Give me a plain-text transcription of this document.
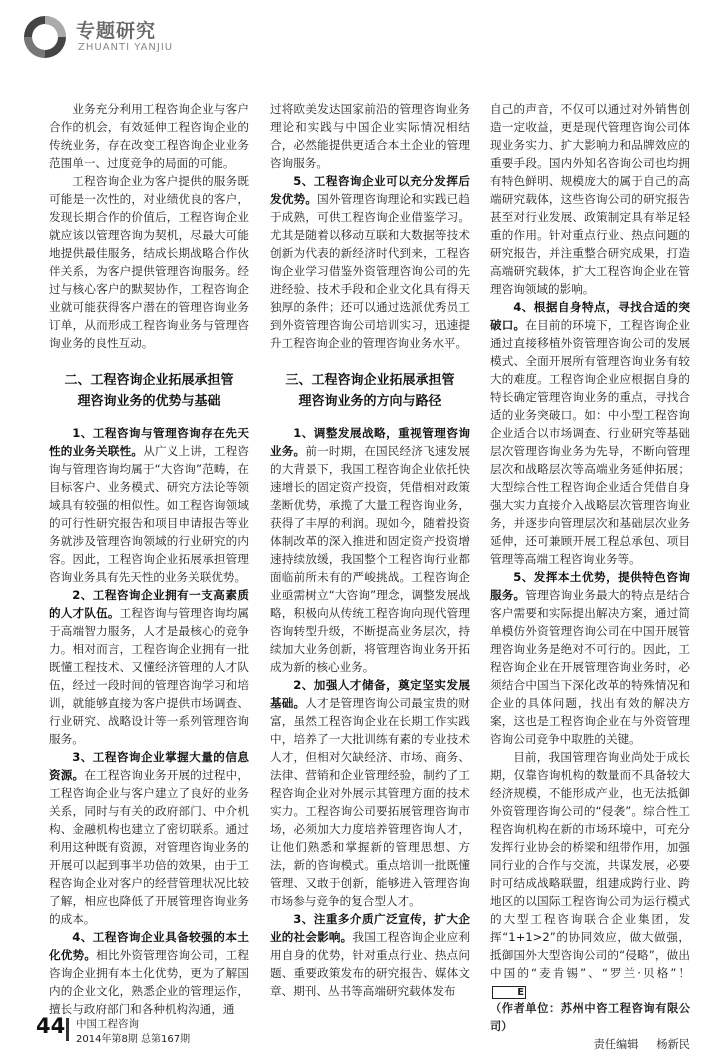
专题研究
ZHUANTI YANJIU

业务充分利用工程咨询企业与客户合作的机会，有效延伸工程咨询企业的传统业务，存在改变工程咨询企业业务范围单一、过度竞争的局面的可能。

工程咨询企业为客户提供的服务既可能是一次性的，对业绩优良的客户，发现长期合作的价值后，工程咨询企业就应该以管理咨询为契机，尽最大可能地提供最佳服务，结成长期战略合作伙伴关系，为客户提供管理咨询服务。经过与核心客户的默契协作，工程咨询企业就可能获得客户潜在的管理咨询业务订单，从而形成工程咨询业务与管理咨询业务的良性互动。

二、工程咨询企业拓展承担管
理咨询业务的优势与基础

1、工程咨询与管理咨询存在先天性的业务关联性。从广义上讲，工程咨询与管理咨询均属于“大咨询”范畴，在目标客户、业务模式、研究方法论等领域具有较强的相似性。如工程咨询领域的可行性研究报告和项目申请报告等业务就涉及管理咨询领域的行业研究的内容。因此，工程咨询企业拓展承担管理咨询业务具有先天性的业务关联优势。

2、工程咨询企业拥有一支高素质的人才队伍。工程咨询与管理咨询均属于高端智力服务，人才是最核心的竞争力。相对而言，工程咨询企业拥有一批既懂工程技术、又懂经济管理的人才队伍，经过一段时间的管理咨询学习和培训，就能够直接为客户提供市场调查、行业研究、战略设计等一系列管理咨询服务。

3、工程咨询企业掌握大量的信息资源。在工程咨询业务开展的过程中，工程咨询企业与客户建立了良好的业务关系，同时与有关的政府部门、中介机构、金融机构也建立了密切联系。通过利用这种既有资源，对管理咨询业务的开展可以起到事半功倍的效果，由于工程咨询企业对客户的经营管理状况比较了解，相应也降低了开展管理咨询业务的成本。

4、工程咨询企业具备较强的本土化优势。相比外资管理咨询公司，工程咨询企业拥有本土化优势，更为了解国内的企业文化，熟悉企业的管理运作，擅长与政府部门和各种机构沟通，通

过将欧美发达国家前沿的管理咨询业务理论和实践与中国企业实际情况相结合，必然能提供更适合本土企业的管理咨询服务。

5、工程咨询企业可以充分发挥后发优势。国外管理咨询理论和实践已趋于成熟，可供工程咨询企业借鉴学习。尤其是随着以移动互联和大数据等技术创新为代表的新经济时代到来，工程咨询企业学习借鉴外资管理咨询公司的先进经验、技术手段和企业文化具有得天独厚的条件；还可以通过选派优秀员工到外资管理咨询公司培训实习，迅速提升工程咨询企业的管理咨询业务水平。

三、工程咨询企业拓展承担管
理咨询业务的方向与路径

1、调整发展战略，重视管理咨询业务。前一时期，在国民经济飞速发展的大背景下，我国工程咨询企业依托快速增长的固定资产投资，凭借相对政策垄断优势，承揽了大量工程咨询业务，获得了丰厚的利润。现如今，随着投资体制改革的深入推进和固定资产投资增速持续放缓，我国整个工程咨询行业都面临前所未有的严峻挑战。工程咨询企业亟需树立“大咨询”理念，调整发展战略，积极向从传统工程咨询向现代管理咨询转型升级，不断提高业务层次，持续加大业务创新，将管理咨询业务开拓成为新的核心业务。

2、加强人才储备，奠定坚实发展基础。人才是管理咨询公司最宝贵的财富，虽然工程咨询企业在长期工作实践中，培养了一大批训练有素的专业技术人才，但相对欠缺经济、市场、商务、法律、营销和企业管理经验，制约了工程咨询企业对外展示其管理方面的技术实力。工程咨询公司要拓展管理咨询市场，必须加大力度培养管理咨询人才，让他们熟悉和掌握新的管理思想、方法，新的咨询模式。重点培训一批既懂管理、又敢于创新，能够进入管理咨询市场参与竞争的复合型人才。

3、注重多介质广泛宣传，扩大企业的社会影响。我国工程咨询企业应利用自身的优势，针对重点行业、热点问题、重要政策发布的研究报告、媒体文章、期刊、丛书等高端研究载体发布

自己的声音，不仅可以通过对外销售创造一定收益，更是现代管理咨询公司体现业务实力、扩大影响力和品牌效应的重要手段。国内外知名咨询公司也均拥有特色鲜明、规模庞大的属于自己的高端研究载体，这些咨询公司的研究报告甚至对行业发展、政策制定具有举足轻重的作用。针对重点行业、热点问题的研究报告，并注重整合研究成果，打造高端研究载体，扩大工程咨询企业在管理咨询领域的影响。

4、根据自身特点，寻找合适的突破口。在目前的环境下，工程咨询企业通过直接移植外资管理咨询公司的发展模式、全面开展所有管理咨询业务有较大的难度。工程咨询企业应根据自身的特长确定管理咨询业务的重点，寻找合适的业务突破口。如：中小型工程咨询企业适合以市场调查、行业研究等基础层次管理咨询业务为先导，不断向管理层次和战略层次等高端业务延伸拓展；大型综合性工程咨询企业适合凭借自身强大实力直接介入战略层次管理咨询业务，并逐步向管理层次和基础层次业务延伸，还可兼顾开展工程总承包、项目管理等高端工程咨询业务等。

5、发挥本土优势，提供特色咨询服务。管理咨询业务最大的特点是结合客户需要和实际提出解决方案，通过简单模仿外资管理咨询公司在中国开展管理咨询业务是绝对不可行的。因此，工程咨询企业在开展管理咨询业务时，必须结合中国当下深化改革的特殊情况和企业的具体问题，找出有效的解决方案，这也是工程咨询企业在与外资管理咨询公司竞争中取胜的关键。

目前，我国管理咨询业尚处于成长期，仅靠咨询机构的数量而不具备较大经济规模，不能形成产业，也无法抵御外资管理咨询公司的“侵袭”。综合性工程咨询机构在新的市场环境中，可充分发挥行业协会的桥梁和纽带作用，加强同行业的合作与交流，共谋发展，必要时可结成战略联盟，组建成跨行业、跨地区的以国际工程咨询公司为运行模式的大型工程咨询联合企业集团，发挥“1+1>2”的协同效应，做大做强，抵御国外大型咨询公司的“侵略”，做出中国的“麦肯锡”、“罗兰·贝格”！E

（作者单位：苏州中咨工程咨询有限公司）

责任编辑 杨新民

44 中国工程咨询
2014年第8期 总第167期
